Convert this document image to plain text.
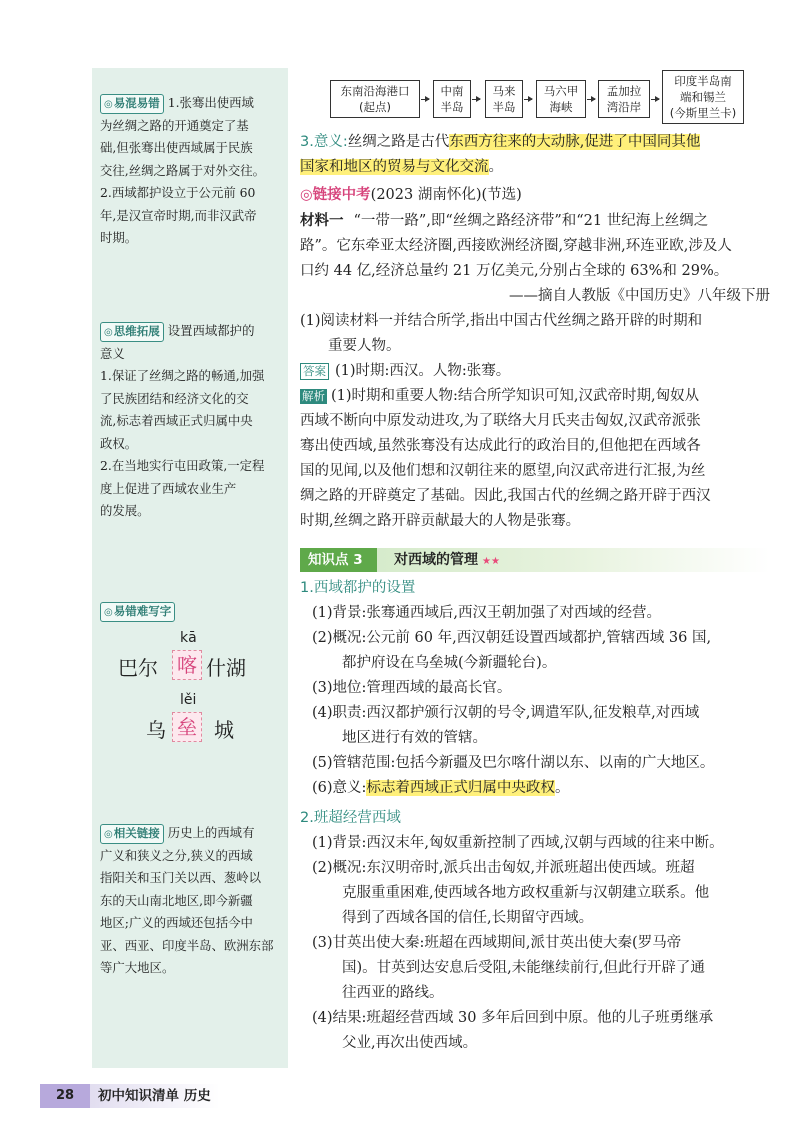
◎易混易错 1.张骞出使西域

为丝绸之路的开通奠定了基

础,但张骞出使西域属于民族

交往,丝绸之路属于对外交往。

2.西域都护设立于公元前 60

年,是汉宣帝时期,而非汉武帝

时期。

◎思维拓展 设置西域都护的

意义

1.保证了丝绸之路的畅通,加强

了民族团结和经济文化的交

流,标志着西域正式归属中央

政权。

2.在当地实行屯田政策,一定程

度上促进了西域农业生产

的发展。

◎易错难写字

kā
巴尔 喀 什湖
lěi
乌 垒 城

◎相关链接 历史上的西域有

广义和狭义之分,狭义的西域

指阳关和玉门关以西、葱岭以

东的天山南北地区,即今新疆

地区;广义的西域还包括今中

亚、西亚、印度半岛、欧洲东部

等广大地区。

东南沿海港口
(起点)
中南
半岛
马来
半岛
马六甲
海峡
孟加拉
湾沿岸
印度半岛南
端和锡兰
(今斯里兰卡)

3.意义:丝绸之路是古代东西方往来的大动脉,促进了中国同其他

国家和地区的贸易与文化交流。

◎链接中考(2023 湖南怀化)(节选)

材料一 “一带一路”,即“丝绸之路经济带”和“21 世纪海上丝绸之

路”。它东牵亚太经济圈,西接欧洲经济圈,穿越非洲,环连亚欧,涉及人

口约 44 亿,经济总量约 21 万亿美元,分别占全球的 63%和 29%。

——摘自人教版《中国历史》八年级下册

(1)阅读材料一并结合所学,指出中国古代丝绸之路开辟的时期和

重要人物。

答案 (1)时期:西汉。人物:张骞。

解析 (1)时期和重要人物:结合所学知识可知,汉武帝时期,匈奴从

西域不断向中原发动进攻,为了联络大月氏夹击匈奴,汉武帝派张

骞出使西域,虽然张骞没有达成此行的政治目的,但他把在西域各

国的见闻,以及他们想和汉朝往来的愿望,向汉武帝进行汇报,为丝

绸之路的开辟奠定了基础。因此,我国古代的丝绸之路开辟于西汉

时期,丝绸之路开辟贡献最大的人物是张骞。

知识点 3	对西域的管理 ★★

1.西域都护的设置

(1)背景:张骞通西域后,西汉王朝加强了对西域的经营。

(2)概况:公元前 60 年,西汉朝廷设置西域都护,管辖西域 36 国,

都护府设在乌垒城(今新疆轮台)。

(3)地位:管理西域的最高长官。

(4)职责:西汉都护颁行汉朝的号令,调遣军队,征发粮草,对西域

地区进行有效的管辖。

(5)管辖范围:包括今新疆及巴尔喀什湖以东、以南的广大地区。

(6)意义:标志着西域正式归属中央政权。

2.班超经营西域

(1)背景:西汉末年,匈奴重新控制了西域,汉朝与西域的往来中断。

(2)概况:东汉明帝时,派兵出击匈奴,并派班超出使西域。班超

克服重重困难,使西域各地方政权重新与汉朝建立联系。他

得到了西域各国的信任,长期留守西域。

(3)甘英出使大秦:班超在西域期间,派甘英出使大秦(罗马帝

国)。甘英到达安息后受阻,未能继续前行,但此行开辟了通

往西亚的路线。

(4)结果:班超经营西域 30 多年后回到中原。他的儿子班勇继承

父业,再次出使西域。

28	初中知识清单 历史
